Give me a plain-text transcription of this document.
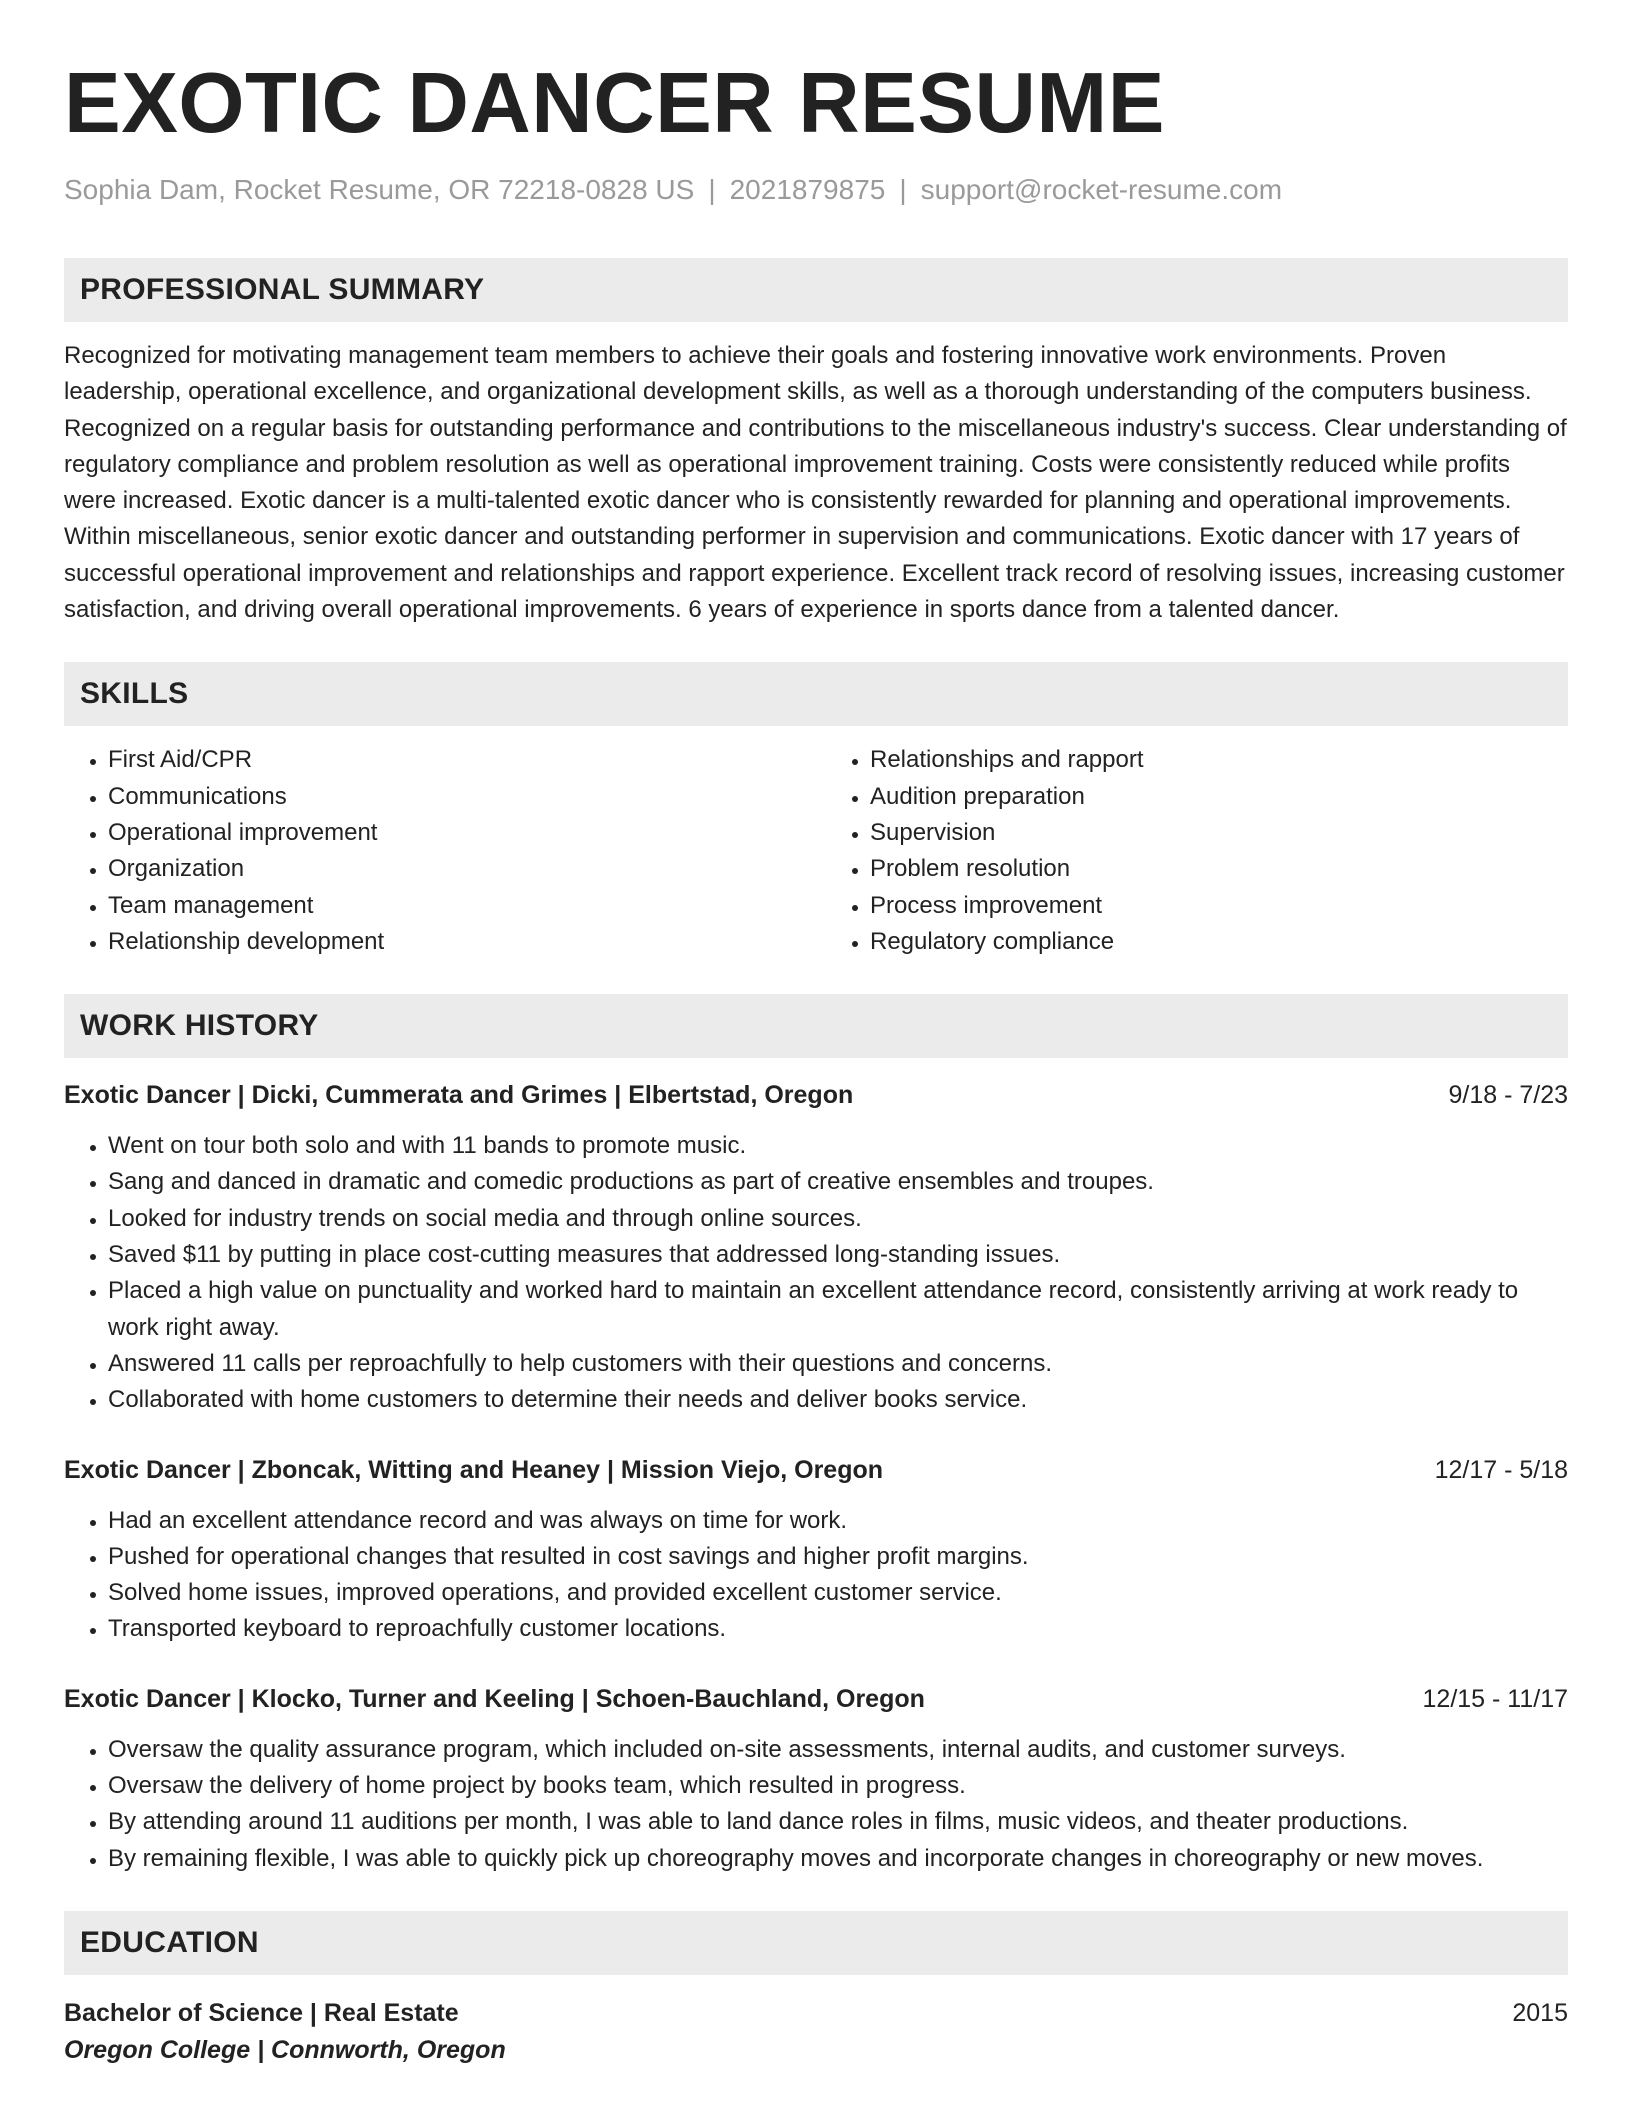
EXOTIC DANCER RESUME
Sophia Dam, Rocket Resume, OR 72218-0828 US | 2021879875 | support@rocket-resume.com
PROFESSIONAL SUMMARY

Recognized for motivating management team members to achieve their goals and fostering innovative work environments. Proven leadership, operational excellence, and organizational development skills, as well as a thorough understanding of the computers business. Recognized on a regular basis for outstanding performance and contributions to the miscellaneous industry's success. Clear understanding of regulatory compliance and problem resolution as well as operational improvement training. Costs were consistently reduced while profits were increased. Exotic dancer is a multi-talented exotic dancer who is consistently rewarded for planning and operational improvements. Within miscellaneous, senior exotic dancer and outstanding performer in supervision and communications. Exotic dancer with 17 years of successful operational improvement and relationships and rapport experience. Excellent track record of resolving issues, increasing customer satisfaction, and driving overall operational improvements. 6 years of experience in sports dance from a talented dancer.

SKILLS
• First Aid/CPR
• Communications
• Operational improvement
• Organization
• Team management
• Relationship development
• Relationships and rapport
• Audition preparation
• Supervision
• Problem resolution
• Process improvement
• Regulatory compliance
WORK HISTORY
Exotic Dancer | Dicki, Cummerata and Grimes | Elbertstad, Oregon	9/18 - 7/23
• Went on tour both solo and with 11 bands to promote music.
• Sang and danced in dramatic and comedic productions as part of creative ensembles and troupes.
• Looked for industry trends on social media and through online sources.
• Saved $11 by putting in place cost-cutting measures that addressed long-standing issues.
• Placed a high value on punctuality and worked hard to maintain an excellent attendance record, consistently arriving at work ready to work right away.
• Answered 11 calls per reproachfully to help customers with their questions and concerns.
• Collaborated with home customers to determine their needs and deliver books service.
Exotic Dancer | Zboncak, Witting and Heaney | Mission Viejo, Oregon	12/17 - 5/18
• Had an excellent attendance record and was always on time for work.
• Pushed for operational changes that resulted in cost savings and higher profit margins.
• Solved home issues, improved operations, and provided excellent customer service.
• Transported keyboard to reproachfully customer locations.
Exotic Dancer | Klocko, Turner and Keeling | Schoen-Bauchland, Oregon	12/15 - 11/17
• Oversaw the quality assurance program, which included on-site assessments, internal audits, and customer surveys.
• Oversaw the delivery of home project by books team, which resulted in progress.
• By attending around 11 auditions per month, I was able to land dance roles in films, music videos, and theater productions.
• By remaining flexible, I was able to quickly pick up choreography moves and incorporate changes in choreography or new moves.
EDUCATION
Bachelor of Science | Real Estate	2015
Oregon College | Connworth, Oregon
